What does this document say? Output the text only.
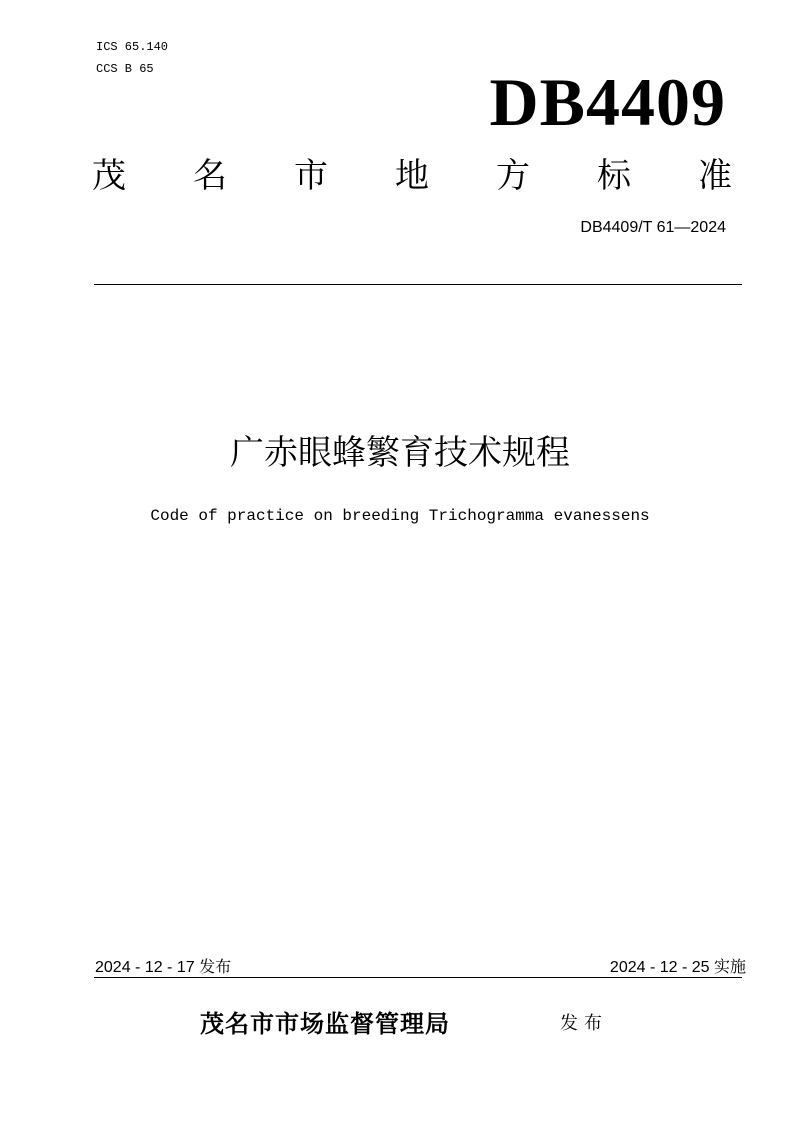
ICS 65.140
CCS B 65	DB4409
茂 名 市 地 方 标 准
DB4409/T 61—2024
广赤眼蜂繁育技术规程
Code of practice on breeding Trichogramma evanessens
2024 - 12 - 17 发布	2024 - 12 - 25 实施
茂名市市场监督管理局	发布
